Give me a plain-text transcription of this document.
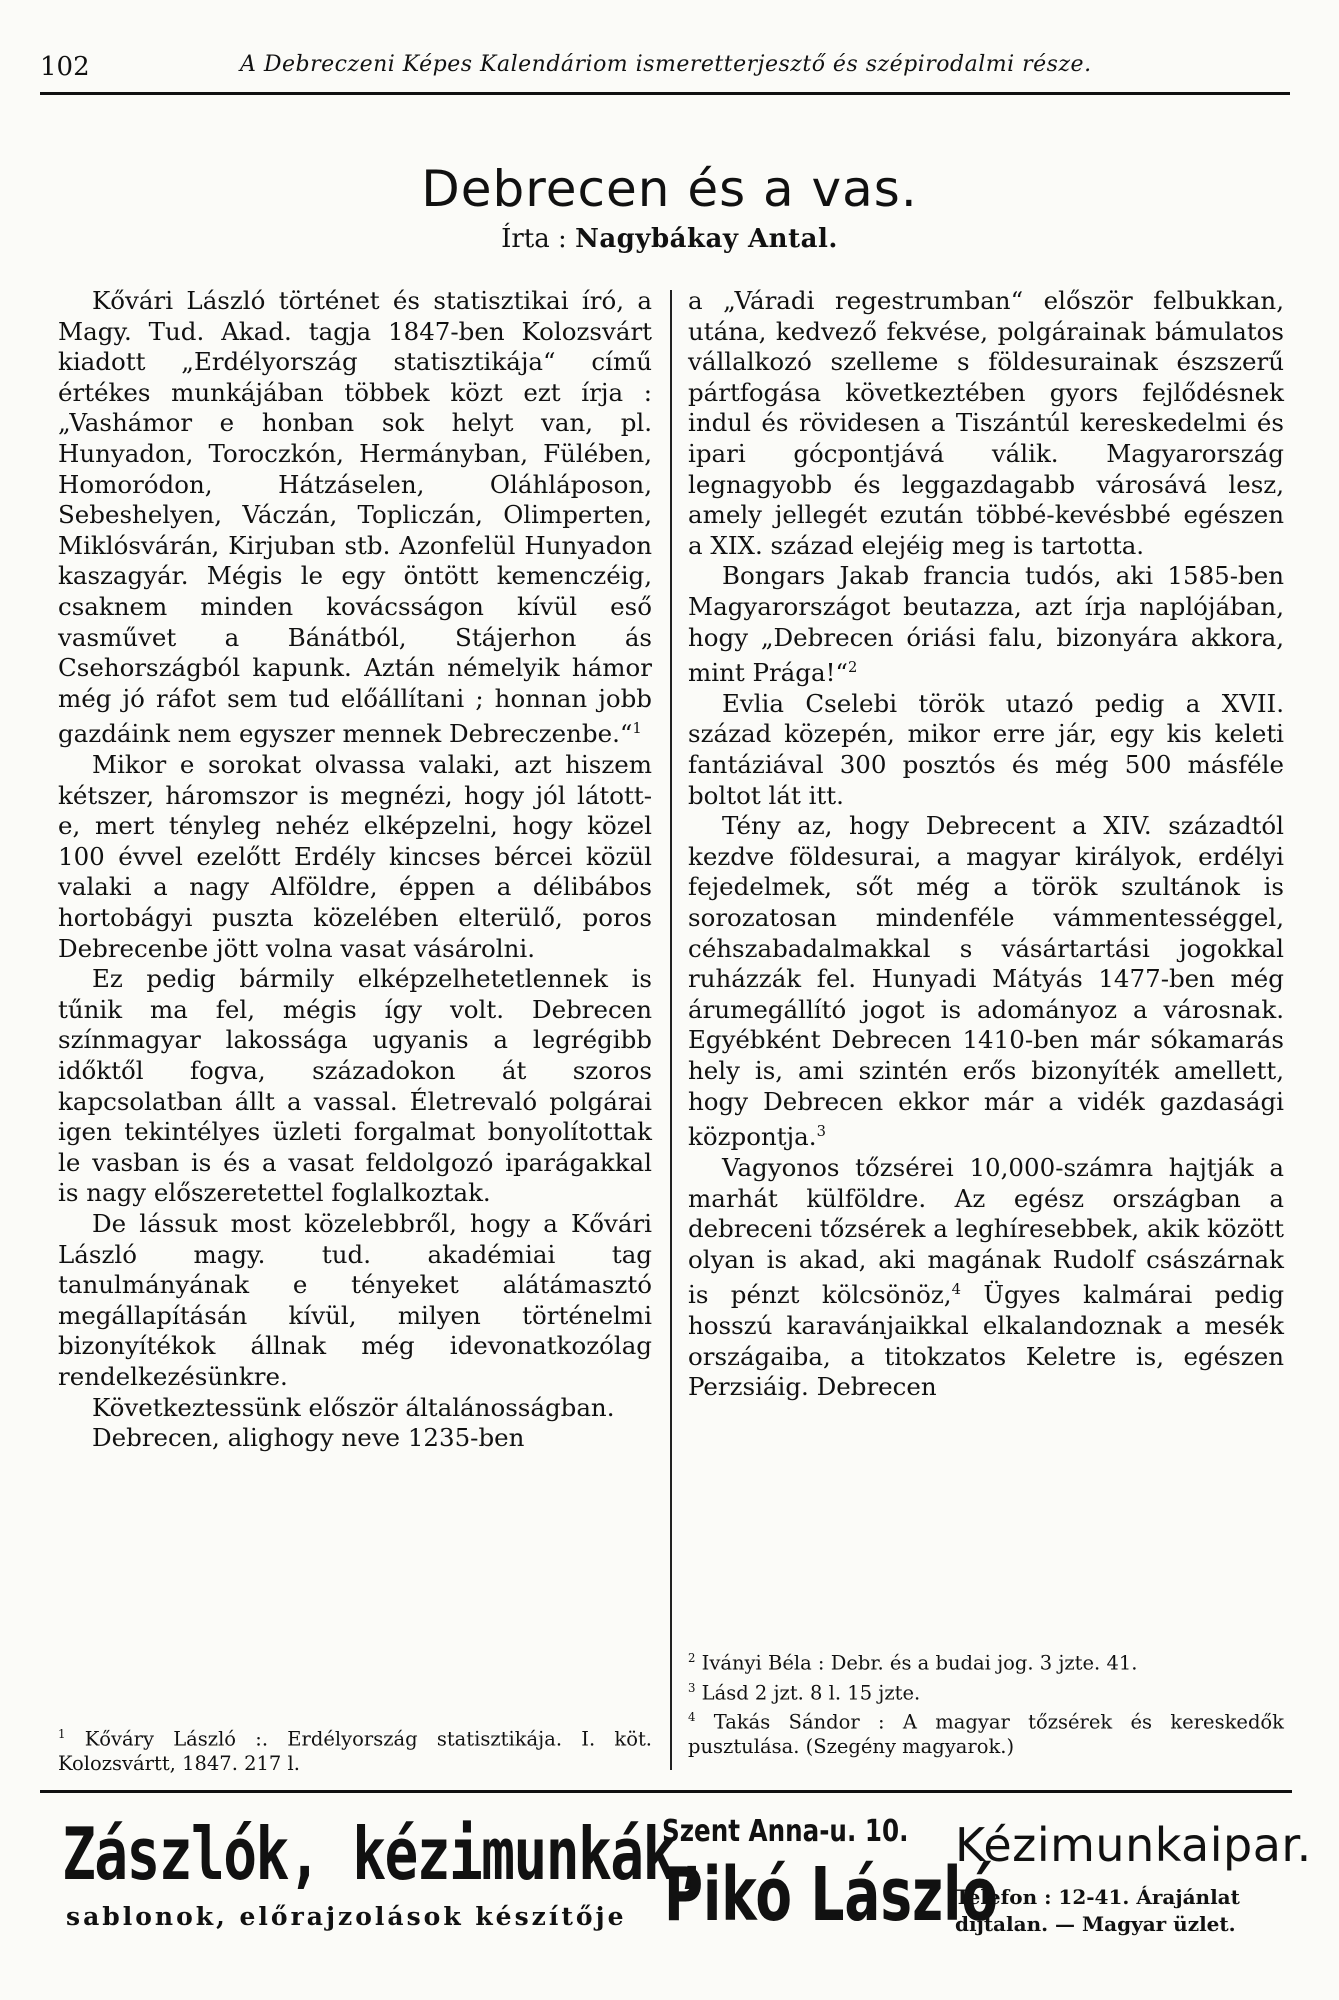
102	A Debreczeni Képes Kalendáriom ismeretterjesztő és szépirodalmi része.
Debrecen és a vas.
Írta : Nagybákay Antal.

Kővári László történet és statisztikai író, a Magy. Tud. Akad. tagja 1847-ben Kolozsvárt kiadott „Erdélyország statisztikája“ című értékes munkájában többek közt ezt írja : „Vashámor e honban sok helyt van, pl. Hunyadon, Toroczkón, Hermányban, Fülében, Homoródon, Hátzáselen, Oláhláposon, Sebeshelyen, Váczán, Topliczán, Olimperten, Miklósvárán, Kirjuban stb. Azonfelül Hunyadon kaszagyár. Mégis le egy öntött kemenczéig, csaknem minden kovácsságon kívül eső vasművet a Bánátból, Stájerhon ás Csehországból kapunk. Aztán némelyik hámor még jó ráfot sem tud előállítani ; honnan jobb gazdáink nem egyszer mennek Debreczenbe.“$^1$

Mikor e sorokat olvassa valaki, azt hiszem kétszer, háromszor is megnézi, hogy jól látott-e, mert tényleg nehéz elképzelni, hogy közel 100 évvel ezelőtt Erdély kincses bércei közül valaki a nagy Alföldre, éppen a délibábos hortobágyi puszta közelében elterülő, poros Debrecenbe jött volna vasat vásárolni.

Ez pedig bármily elképzelhetetlennek is tűnik ma fel, mégis így volt. Debrecen színmagyar lakossága ugyanis a legrégibb időktől fogva, századokon át szoros kapcsolatban állt a vassal. Életrevaló polgárai igen tekintélyes üzleti forgalmat bonyolítottak le vasban is és a vasat feldolgozó iparágakkal is nagy előszeretettel foglalkoztak.

De lássuk most közelebbről, hogy a Kővári László magy. tud. akadémiai tag tanulmányának e tényeket alátámasztó megállapításán kívül, milyen történelmi bizonyítékok állnak még idevonatkozólag rendelkezésünkre.

Következtessünk először általánosságban.

Debrecen, alighogy neve 1235-ben

a „Váradi regestrumban“ először felbukkan, utána, kedvező fekvése, polgárainak bámulatos vállalkozó szelleme s földesurainak észszerű pártfogása következtében gyors fejlődésnek indul és rövidesen a Tiszántúl kereskedelmi és ipari gócpontjává válik. Magyarország legnagyobb és leggazdagabb városává lesz, amely jellegét ezután többé-kevésbbé egészen a XIX. század elejéig meg is tartotta.

Bongars Jakab francia tudós, aki 1585-ben Magyarországot beutazza, azt írja naplójában, hogy „Debrecen óriási falu, bizonyára akkora, mint Prága!“$^2$

Evlia Cselebi török utazó pedig a XVII. század közepén, mikor erre jár, egy kis keleti fantáziával 300 posztós és még 500 másféle boltot lát itt.

Tény az, hogy Debrecent a XIV. századtól kezdve földesurai, a magyar királyok, erdélyi fejedelmek, sőt még a török szultánok is sorozatosan mindenféle vámmentességgel, céhszabadalmakkal s vásártartási jogokkal ruházzák fel. Hunyadi Mátyás 1477-ben még árumegállító jogot is adományoz a városnak. Egyébként Debrecen 1410-ben már sókamarás hely is, ami szintén erős bizonyíték amellett, hogy Debrecen ekkor már a vidék gazdasági központja.$^3$

Vagyonos tőzsérei 10,000-számra hajtják a marhát külföldre. Az egész országban a debreceni tőzsérek a leghíresebbek, akik között olyan is akad, aki magának Rudolf császárnak is pénzt kölcsönöz,$^4$ Ügyes kalmárai pedig hosszú karavánjaikkal elkalandoznak a mesék országaiba, a titokzatos Keletre is, egészen Perzsiáig. Debrecen

$^1$ Kőváry László :. Erdélyország statisztikája. I. köt. Kolozsvártt, 1847. 217 l.

$^2$ Iványi Béla : Debr. és a budai jog. 3 jzte. 41.

$^3$ Lásd 2 jzt. 8 l. 15 jzte.

$^4$ Takás Sándor : A magyar tőzsérek és kereskedők pusztulása. (Szegény magyarok.)

Zászlók, kézimunkák,
sablonok, előrajzolások készítője
Szent Anna-u. 10.
Pikó László
Kézimunkaipar.
Telefon : 12-41. Árajánlat
díjtalan. — Magyar üzlet.
